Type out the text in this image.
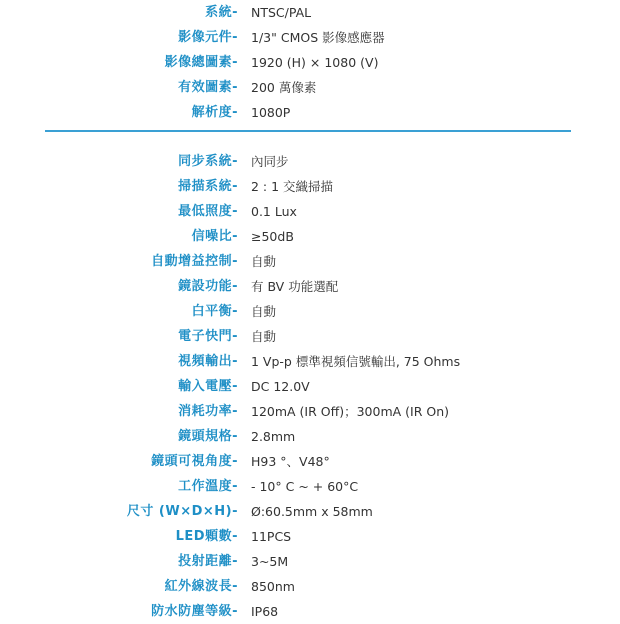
系統- NTSC/PAL
影像元件- 1/3" CMOS 影像感應器
影像總圖素- 1920 (H) × 1080 (V)
有效圖素- 200 萬像素
解析度- 1080P
同步系統- 內同步
掃描系統- 2 : 1 交織掃描
最低照度- 0.1 Lux
信噪比- ≥50dB
自動增益控制- 自動
鏡設功能- 有 BV 功能選配
白平衡- 自動
電子快門- 自動
視頻輸出- 1 Vp-p 標準視頻信號輸出, 75 Ohms
輸入電壓- DC 12.0V
消耗功率- 120mA (IR Off)；300mA (IR On)
鏡頭規格- 2.8mm
鏡頭可視角度- H93 °、V48°
工作溫度- - 10° C ~ + 60°C
尺寸 (W×D×H)- Ø:60.5mm x 58mm
LED顆數- 11PCS
投射距離- 3~5M
紅外線波長- 850nm
防水防塵等級- IP68
